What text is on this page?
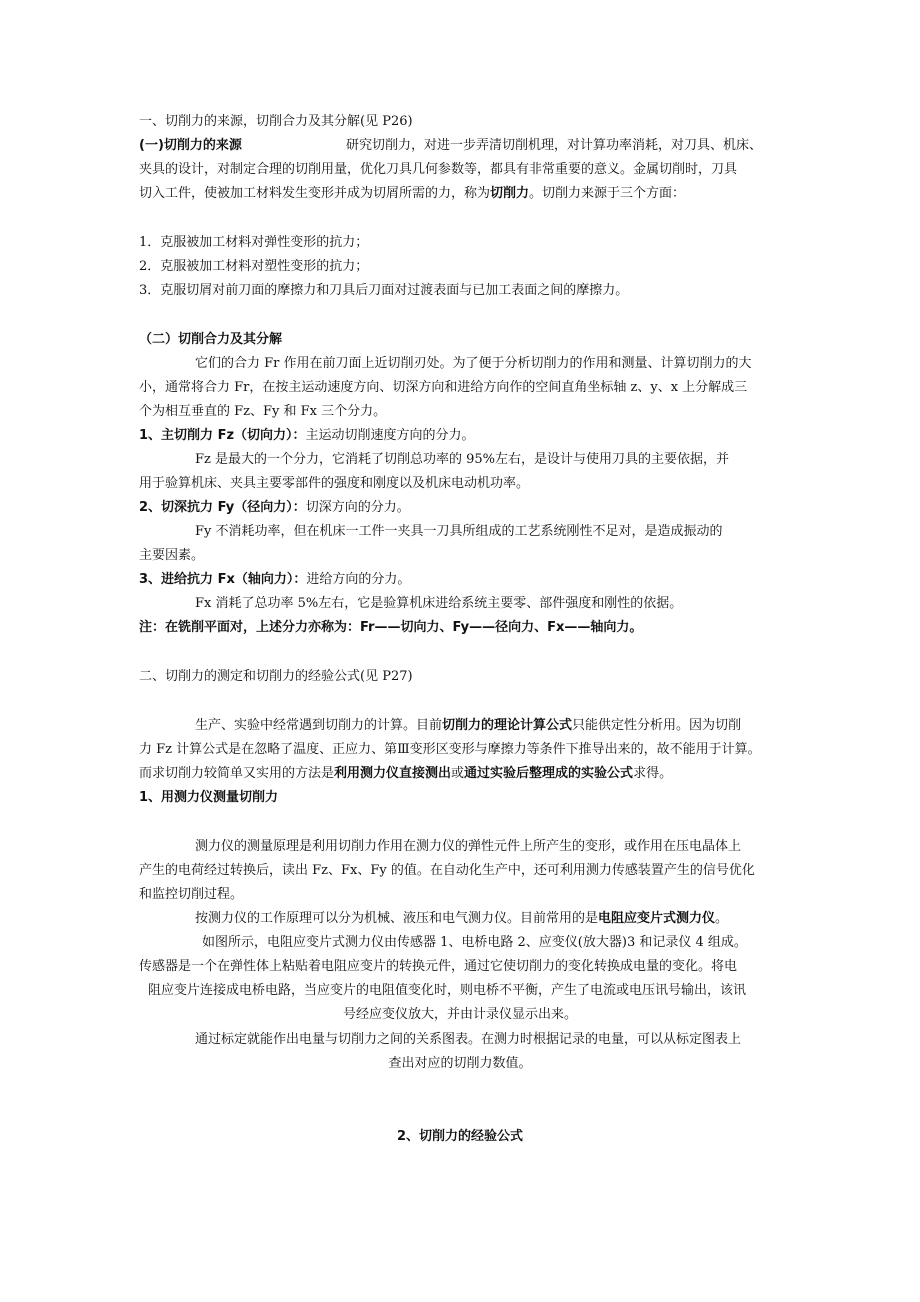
一、切削力的来源，切削合力及其分解(见 P26)
(一)切削力的来源	研究切削力，对进一步弄清切削机理，对计算功率消耗，对刀具、机床、
夹具的设计，对制定合理的切削用量，优化刀具几何参数等，都具有非常重要的意义。金属切削时，刀具
切入工件，使被加工材料发生变形并成为切屑所需的力，称为切削力。切削力来源于三个方面：
1．克服被加工材料对弹性变形的抗力；
2．克服被加工材料对塑性变形的抗力；
3．克服切屑对前刀面的摩擦力和刀具后刀面对过渡表面与已加工表面之间的摩擦力。
（二）切削合力及其分解
它们的合力 Fr 作用在前刀面上近切削刃处。为了便于分析切削力的作用和测量、计算切削力的大
小，通常将合力 Fr，在按主运动速度方向、切深方向和进给方向作的空间直角坐标轴 z、y、x 上分解成三
个为相互垂直的 Fz、Fy 和 Fx 三个分力。
1、主切削力 Fz（切向力）：主运动切削速度方向的分力。
Fz 是最大的一个分力，它消耗了切削总功率的 95%左右，是设计与使用刀具的主要依据，并
用于验算机床、夹具主要零部件的强度和刚度以及机床电动机功率。
2、切深抗力 Fy（径向力）：切深方向的分力。
Fy 不消耗功率，但在机床一工件一夹具一刀具所组成的工艺系统刚性不足对，是造成振动的
主要因素。
3、进给抗力 Fx（轴向力）：进给方向的分力。
Fx 消耗了总功率 5%左右，它是验算机床进给系统主要零、部件强度和刚性的依据。
注：在铣削平面对，上述分力亦称为：Fr——切向力、Fy——径向力、Fx——轴向力。
二、切削力的测定和切削力的经验公式(见 P27)
生产、实验中经常遇到切削力的计算。目前切削力的理论计算公式只能供定性分析用。因为切削
力 Fz 计算公式是在忽略了温度、正应力、第Ⅲ变形区变形与摩擦力等条件下推导出来的，故不能用于计算。
而求切削力较简单又实用的方法是利用测力仪直接测出或通过实验后整理成的实验公式求得。
1、用测力仪测量切削力
测力仪的测量原理是利用切削力作用在测力仪的弹性元件上所产生的变形，或作用在压电晶体上
产生的电荷经过转换后，读出 Fz、Fx、Fy 的值。在自动化生产中，还可利用测力传感装置产生的信号优化
和监控切削过程。
按测力仪的工作原理可以分为机械、液压和电气测力仪。目前常用的是电阻应变片式测力仪。
如图所示，电阻应变片式测力仪由传感器 1、电桥电路 2、应变仪(放大器)3 和记录仪 4 组成。
传感器是一个在弹性体上粘贴着电阻应变片的转换元件，通过它使切削力的变化转换成电量的变化。将电
阻应变片连接成电桥电路，当应变片的电阻值变化时，则电桥不平衡，产生了电流或电压讯号输出，该讯
号经应变仪放大，并由计录仪显示出来。
通过标定就能作出电量与切削力之间的关系图表。在测力时根据记录的电量，可以从标定图表上
查出对应的切削力数值。
2、切削力的经验公式
